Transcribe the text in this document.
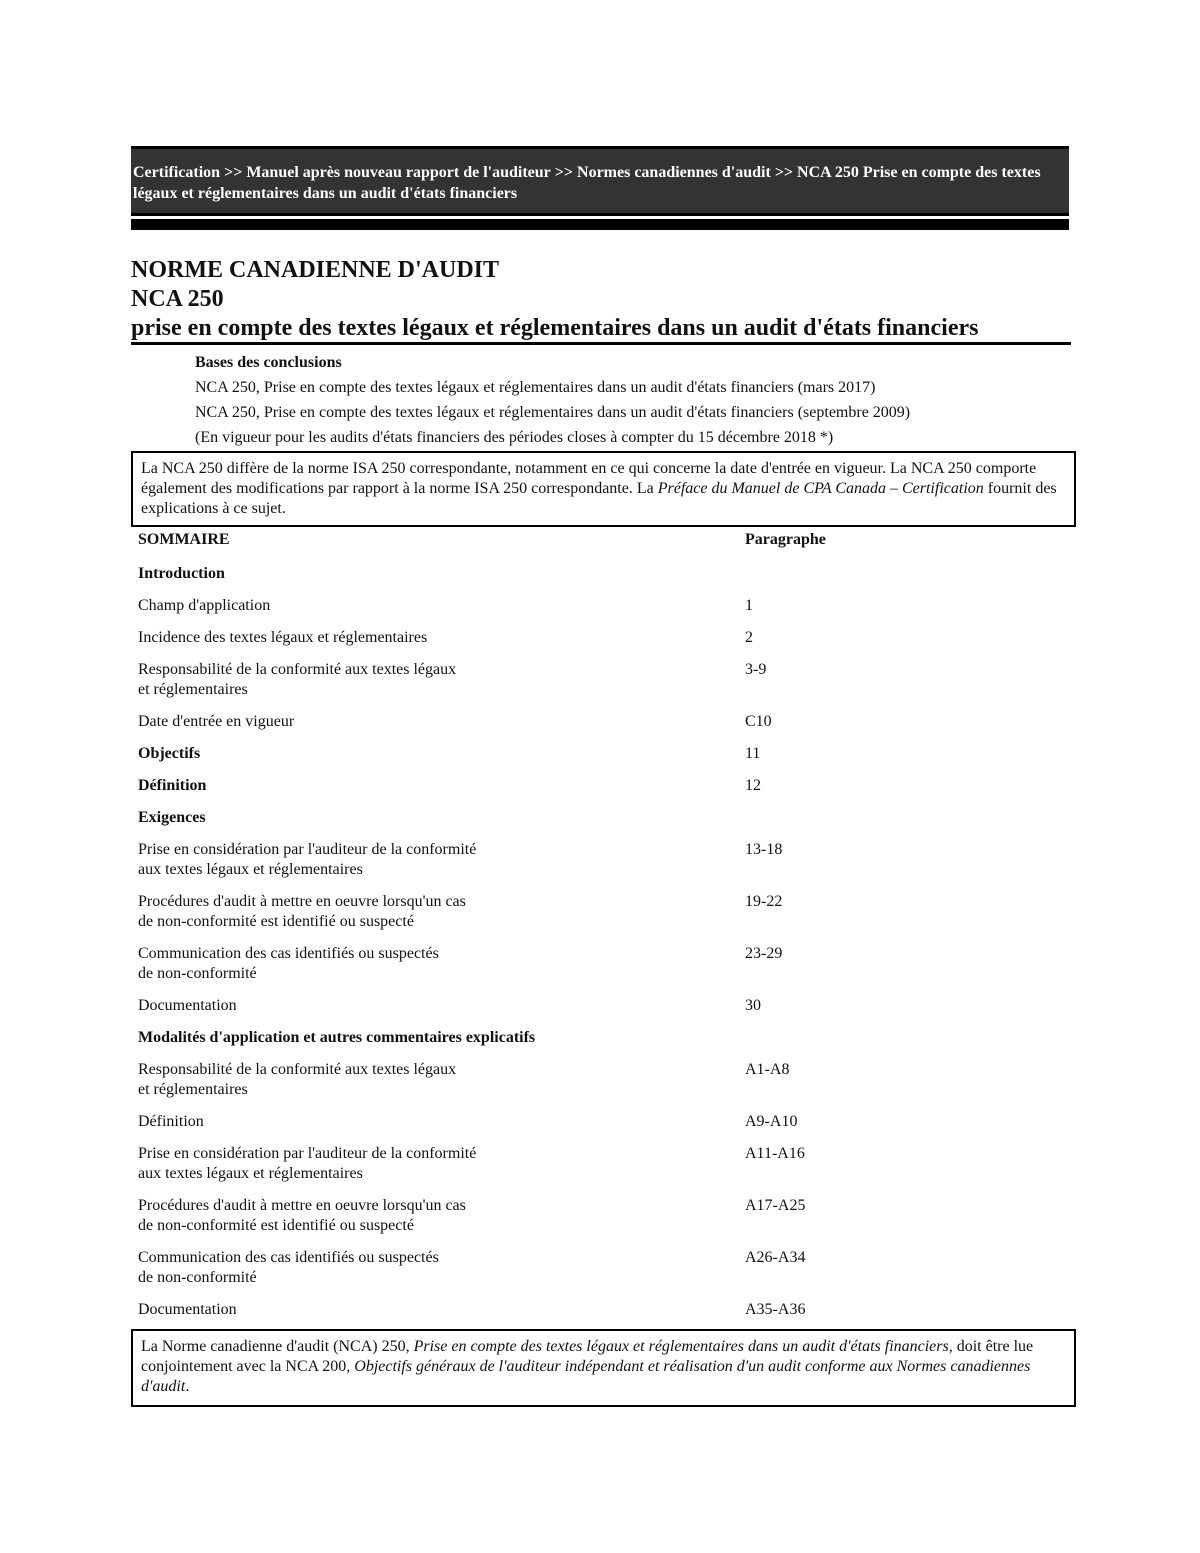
Certification >> Manuel après nouveau rapport de l'auditeur >> Normes canadiennes d'audit >> NCA 250 Prise en compte des textes légaux et réglementaires dans un audit d'états financiers
NORME CANADIENNE D'AUDIT
NCA 250
prise en compte des textes légaux et réglementaires dans un audit d'états financiers
Bases des conclusions
NCA 250, Prise en compte des textes légaux et réglementaires dans un audit d'états financiers (mars 2017)
NCA 250, Prise en compte des textes légaux et réglementaires dans un audit d'états financiers (septembre 2009)
(En vigueur pour les audits d'états financiers des périodes closes à compter du 15 décembre 2018 *)
La NCA 250 diffère de la norme ISA 250 correspondante, notamment en ce qui concerne la date d'entrée en vigueur. La NCA 250 comporte également des modifications par rapport à la norme ISA 250 correspondante. La Préface du Manuel de CPA Canada – Certification fournit des explications à ce sujet.
SOMMAIRE	Paragraphe
Introduction
Champ d'application	1
Incidence des textes légaux et réglementaires	2
Responsabilité de la conformité aux textes légaux
et réglementaires
3-9
Date d'entrée en vigueur	C10
Objectifs	11
Définition	12
Exigences
Prise en considération par l'auditeur de la conformité
aux textes légaux et réglementaires
13-18
Procédures d'audit à mettre en oeuvre lorsqu'un cas
de non-conformité est identifié ou suspecté
19-22
Communication des cas identifiés ou suspectés
de non-conformité
23-29
Documentation	30
Modalités d'application et autres commentaires explicatifs
Responsabilité de la conformité aux textes légaux
et réglementaires
A1-A8
Définition	A9-A10
Prise en considération par l'auditeur de la conformité
aux textes légaux et réglementaires
A11-A16
Procédures d'audit à mettre en oeuvre lorsqu'un cas
de non-conformité est identifié ou suspecté
A17-A25
Communication des cas identifiés ou suspectés
de non-conformité
A26-A34
Documentation	A35-A36
La Norme canadienne d'audit (NCA) 250, Prise en compte des textes légaux et réglementaires dans un audit d'états financiers, doit être lue conjointement avec la NCA 200, Objectifs généraux de l'auditeur indépendant et réalisation d'un audit conforme aux Normes canadiennes d'audit.
